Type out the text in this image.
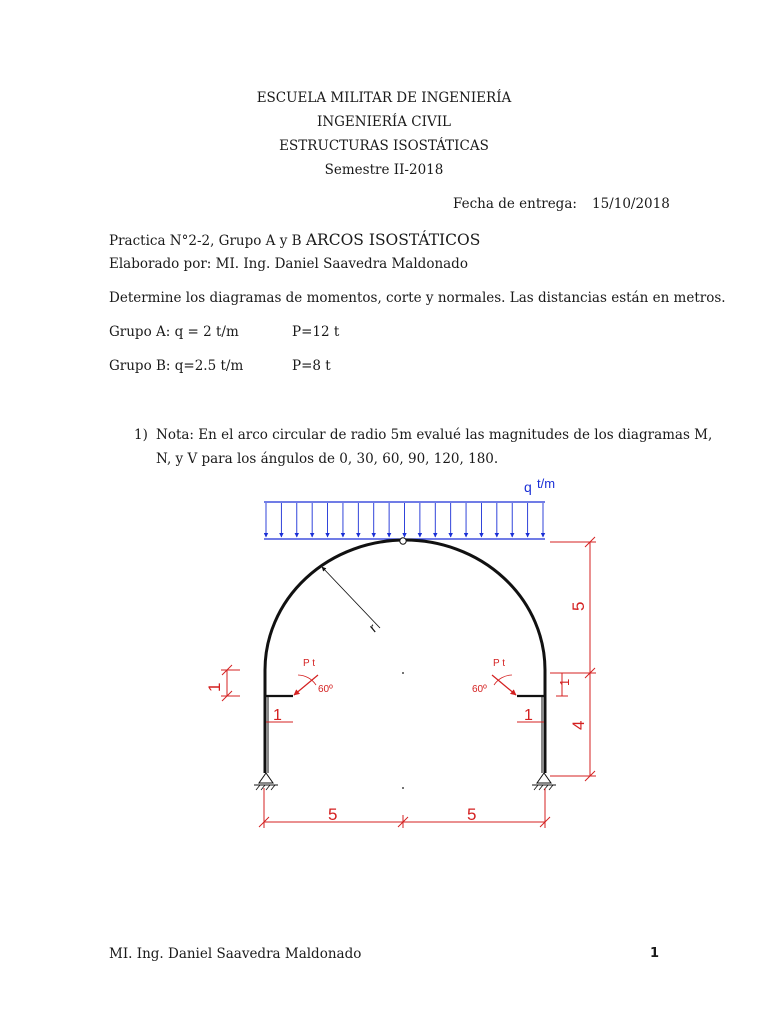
ESCUELA MILITAR DE INGENIERÍA
INGENIERÍA CIVIL
ESTRUCTURAS ISOSTÁTICAS
Semestre II-2018
Fecha de entrega: 15/10/2018
Practica N°2-2, Grupo A y B ARCOS ISOSTÁTICOS
Elaborado por: MI. Ing. Daniel Saavedra Maldonado
Determine los diagramas de momentos, corte y normales. Las distancias están en metros.
Grupo A: q = 2 t/m	P=12 t
Grupo B: q=2.5 t/m	P=8 t
1) Nota: En el arco circular de radio 5m evalué las magnitudes de los diagramas M,
N, y V para los ángulos de 0, 30, 60, 90, 120, 180.
q t/m
r
P t
60º
P t
60º
5
4
1
1
1	1
5	5
MI. Ing. Daniel Saavedra Maldonado	1
